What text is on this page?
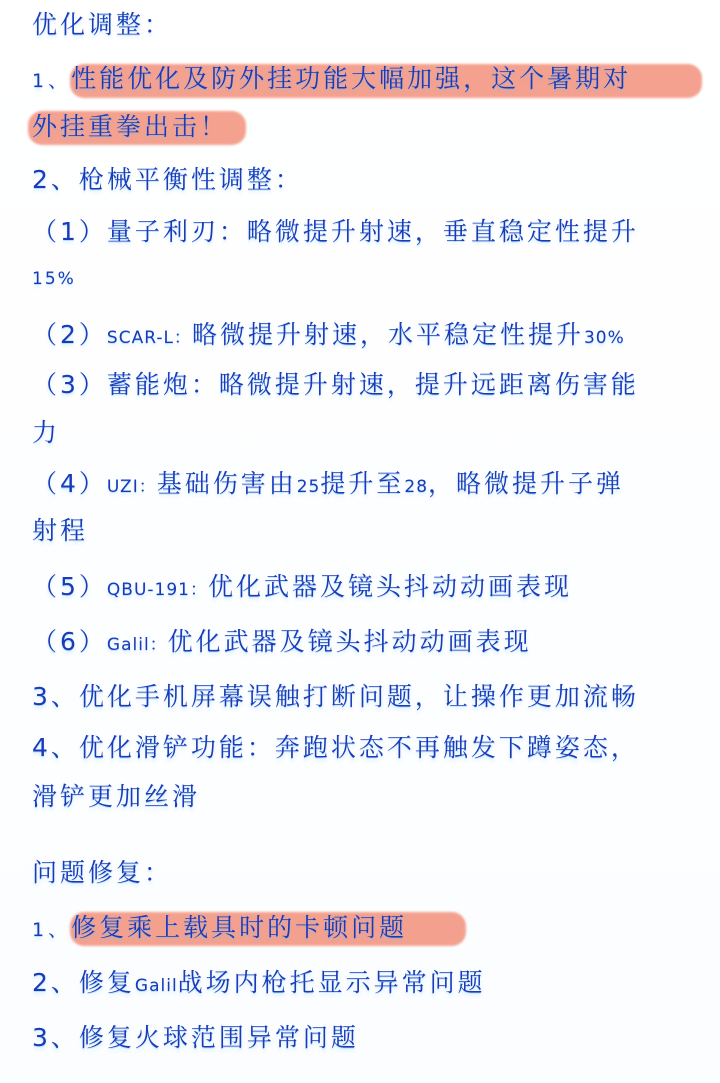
优化调整：
1、性能优化及防外挂功能大幅加强，这个暑期对
外挂重拳出击！
2、枪械平衡性调整：
（1）量子利刃：略微提升射速，垂直稳定性提升
15%
（2）SCAR-L：略微提升射速，水平稳定性提升30%
（3）蓄能炮：略微提升射速，提升远距离伤害能
力
（4）UZI：基础伤害由25提升至28，略微提升子弹
射程
（5）QBU-191：优化武器及镜头抖动动画表现
（6）Galil：优化武器及镜头抖动动画表现
3、优化手机屏幕误触打断问题，让操作更加流畅
4、优化滑铲功能：奔跑状态不再触发下蹲姿态，
滑铲更加丝滑
问题修复：
1、修复乘上载具时的卡顿问题
2、修复Galil战场内枪托显示异常问题
3、修复火球范围异常问题
